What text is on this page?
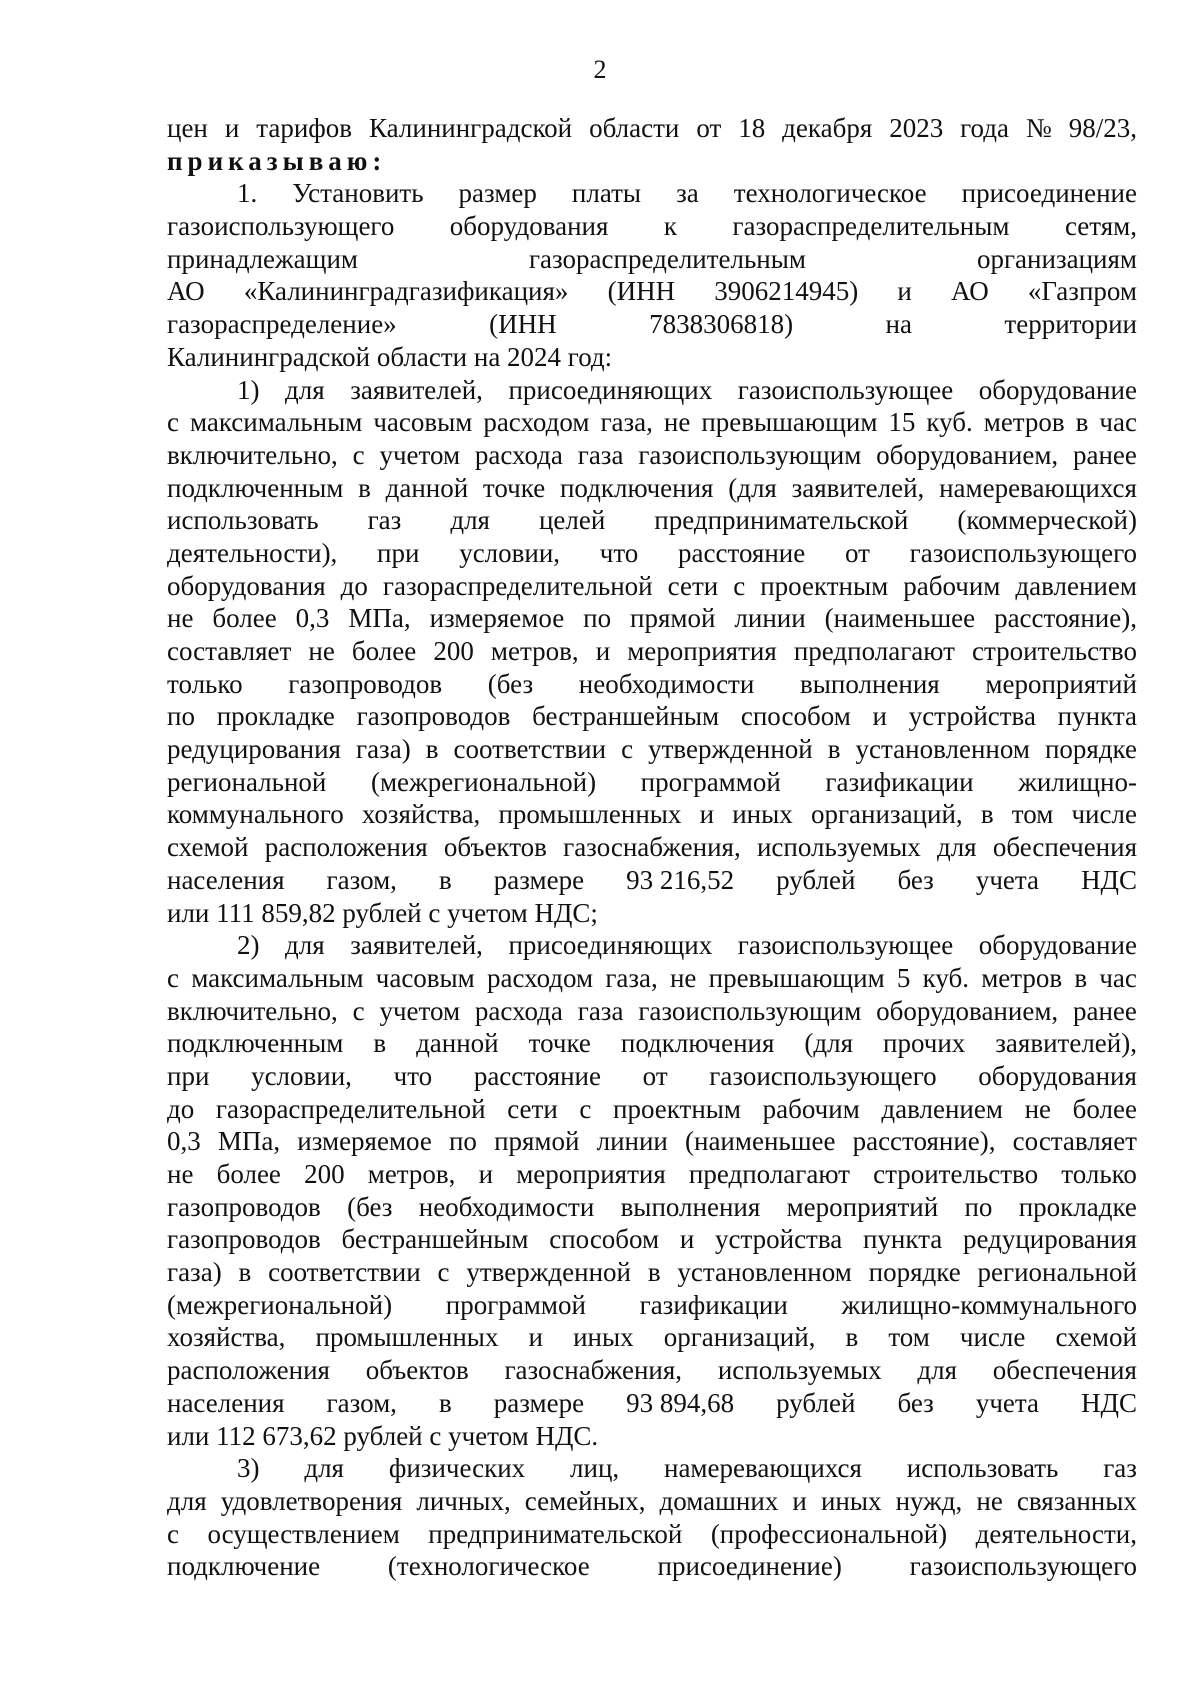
2
цен и тарифов Калининградской области от 18 декабря 2023 года № 98/23,
приказываю:
1. Установить размер платы за технологическое присоединение
газоиспользующего оборудования к газораспределительным сетям,
принадлежащим	газораспределительным	организациям
АО «Калининградгазификация» (ИНН 3906214945) и АО «Газпром
газораспределение»	(ИНН	7838306818)	на	территории
Калининградской области на 2024 год:
1) для заявителей, присоединяющих газоиспользующее оборудование
с максимальным часовым расходом газа, не превышающим 15 куб. метров в час
включительно, с учетом расхода газа газоиспользующим оборудованием, ранее
подключенным в данной точке подключения (для заявителей, намеревающихся
использовать газ для целей предпринимательской (коммерческой)
деятельности), при условии, что расстояние от газоиспользующего
оборудования до газораспределительной сети с проектным рабочим давлением
не более 0,3 МПа, измеряемое по прямой линии (наименьшее расстояние),
составляет не более 200 метров, и мероприятия предполагают строительство
только газопроводов (без необходимости выполнения мероприятий
по прокладке газопроводов бестраншейным способом и устройства пункта
редуцирования газа) в соответствии с утвержденной в установленном порядке
региональной (межрегиональной) программой газификации жилищно-
коммунального хозяйства, промышленных и иных организаций, в том числе
схемой расположения объектов газоснабжения, используемых для обеспечения
населения газом, в размере 93 216,52 рублей без учета НДС
или 111 859,82 рублей с учетом НДС;
2) для заявителей, присоединяющих газоиспользующее оборудование
с максимальным часовым расходом газа, не превышающим 5 куб. метров в час
включительно, с учетом расхода газа газоиспользующим оборудованием, ранее
подключенным в данной точке подключения (для прочих заявителей),
при условии, что расстояние от газоиспользующего оборудования
до газораспределительной сети с проектным рабочим давлением не более
0,3 МПа, измеряемое по прямой линии (наименьшее расстояние), составляет
не более 200 метров, и мероприятия предполагают строительство только
газопроводов (без необходимости выполнения мероприятий по прокладке
газопроводов бестраншейным способом и устройства пункта редуцирования
газа) в соответствии с утвержденной в установленном порядке региональной
(межрегиональной) программой газификации жилищно-коммунального
хозяйства, промышленных и иных организаций, в том числе схемой
расположения объектов газоснабжения, используемых для обеспечения
населения газом, в размере 93 894,68 рублей без учета НДС
или 112 673,62 рублей с учетом НДС.
3) для физических лиц, намеревающихся использовать газ
для удовлетворения личных, семейных, домашних и иных нужд, не связанных
с осуществлением предпринимательской (профессиональной) деятельности,
подключение	(технологическое	присоединение)	газоиспользующего
